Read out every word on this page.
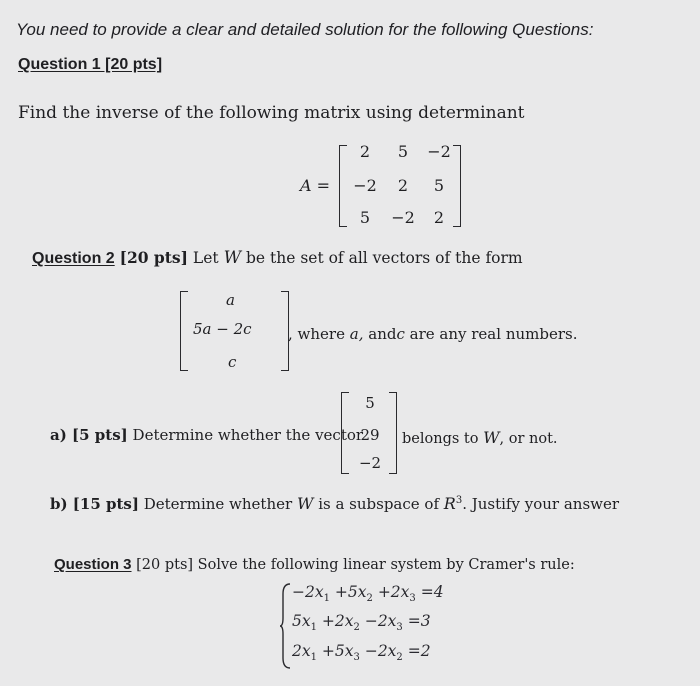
You need to provide a clear and detailed solution for the following Questions:
Question 1 [20 pts]
Find the inverse of the following matrix using determinant
A =
2	5	−2
−2	2	5
5	−2	2
Question 2 [20 pts] Let W be the set of all vectors of the form
a
5a − 2c
c
, where a, andc are any real numbers.
a) [5 pts] Determine whether the vector
5
29
−2
belongs to W, or not.
b) [15 pts] Determine whether W is a subspace of $R^3$. Justify your answer
Question 3 [20 pts] Solve the following linear system by Cramer's rule:
$-2x_1 +5x_2 +2x_3 =4$
$5x_1 +2x_2 -2x_3 =3$
$2x_1 +5x_3 -2x_2 =2$
